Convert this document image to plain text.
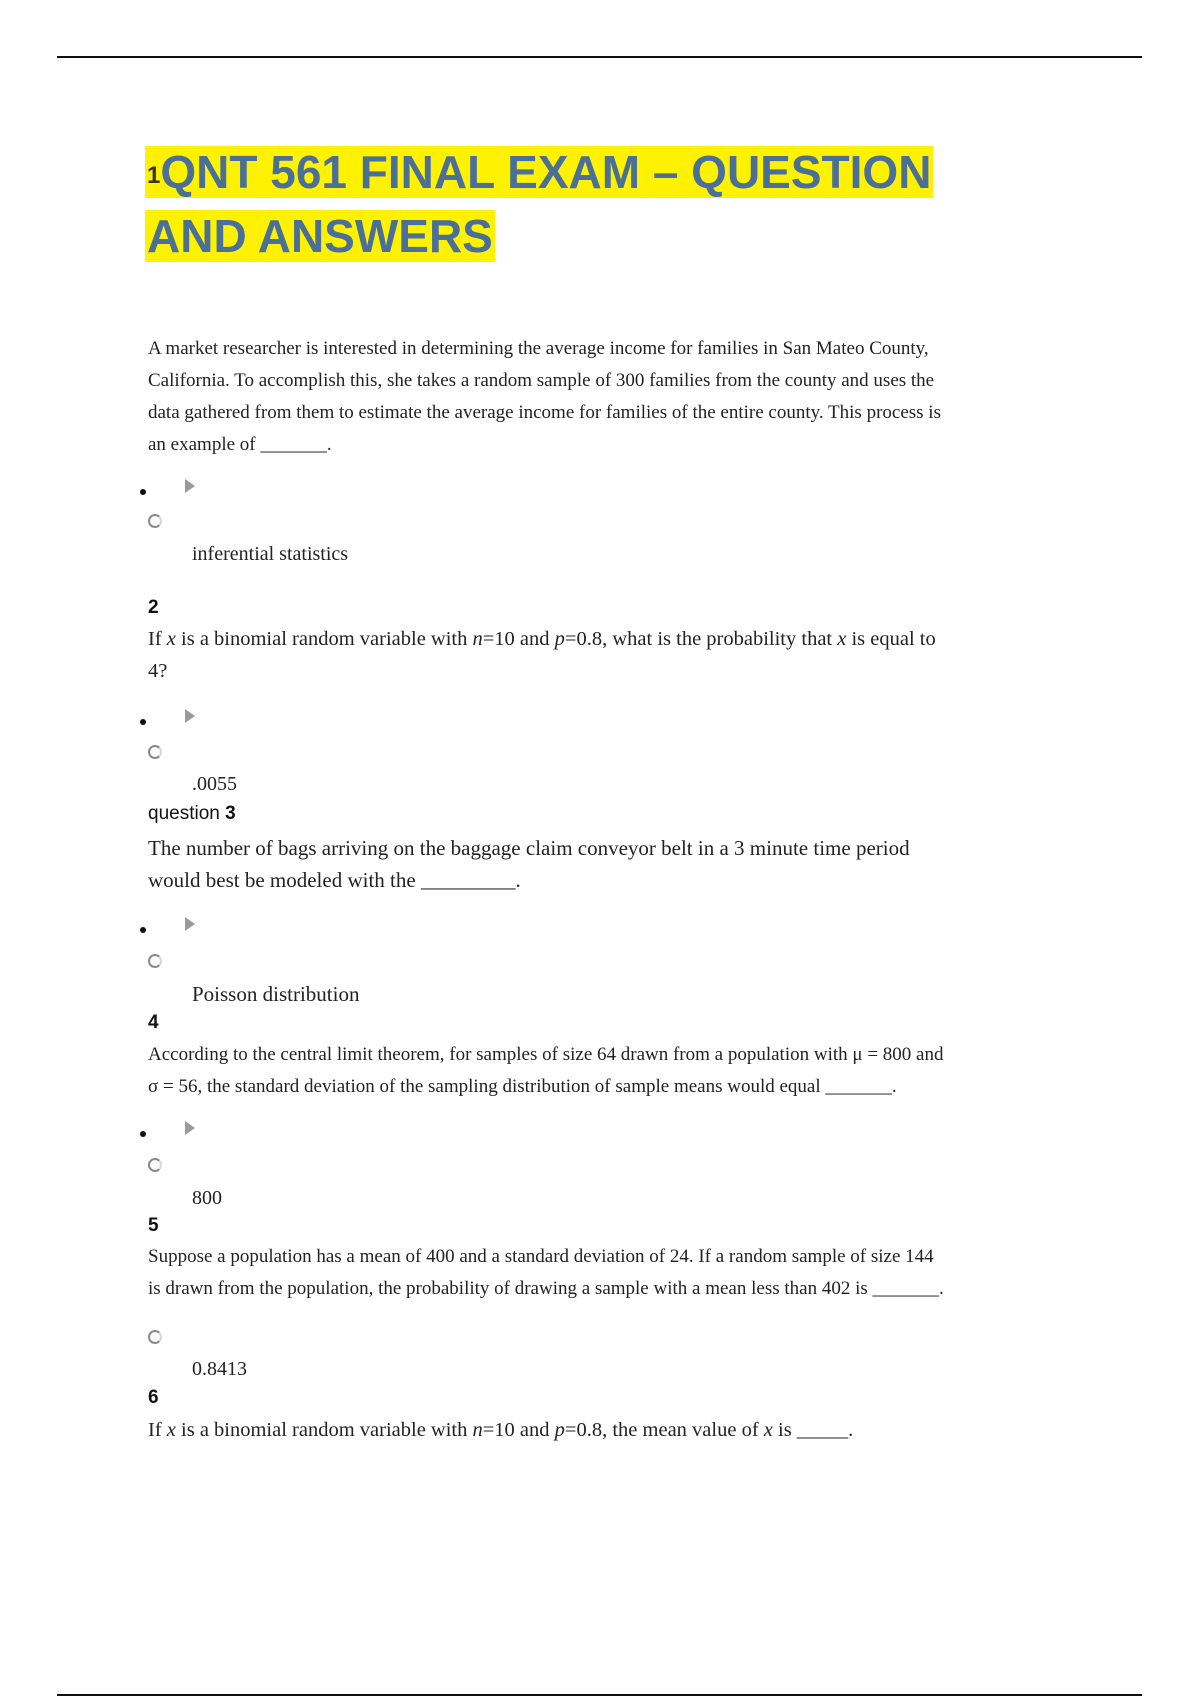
1QNT 561 FINAL EXAM – QUESTION
AND ANSWERS
A market researcher is interested in determining the average income for families in San Mateo County,
California. To accomplish this, she takes a random sample of 300 families from the county and uses the
data gathered from them to estimate the average income for families of the entire county. This process is
an example of _______.
inferential statistics
2
If x is a binomial random variable with n=10 and p=0.8, what is the probability that x is equal to
4?
.0055
question 3
The number of bags arriving on the baggage claim conveyor belt in a 3 minute time period
would best be modeled with the _________.
Poisson distribution
4
According to the central limit theorem, for samples of size 64 drawn from a population with μ = 800 and
σ = 56, the standard deviation of the sampling distribution of sample means would equal _______.
800
5
Suppose a population has a mean of 400 and a standard deviation of 24. If a random sample of size 144
is drawn from the population, the probability of drawing a sample with a mean less than 402 is _______.
0.8413
6
If x is a binomial random variable with n=10 and p=0.8, the mean value of x is _____.
